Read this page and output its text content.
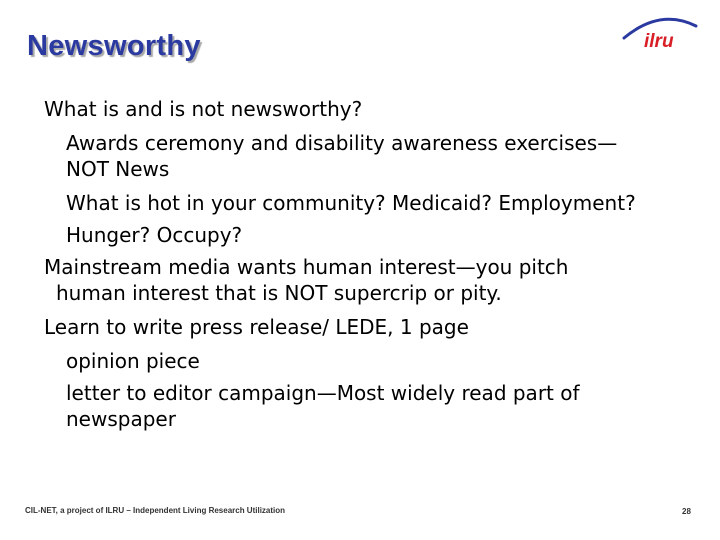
Newsworthy	ilru
What is and is not newsworthy?
Awards ceremony and disability awareness exercises—
NOT News
What is hot in your community? Medicaid? Employment?
Hunger? Occupy?
Mainstream media wants human interest—you pitch
human interest that is NOT supercrip or pity.
Learn to write press release/ LEDE, 1 page
opinion piece
letter to editor campaign—Most widely read part of
newspaper
CIL-NET, a project of ILRU – Independent Living Research Utilization	28
